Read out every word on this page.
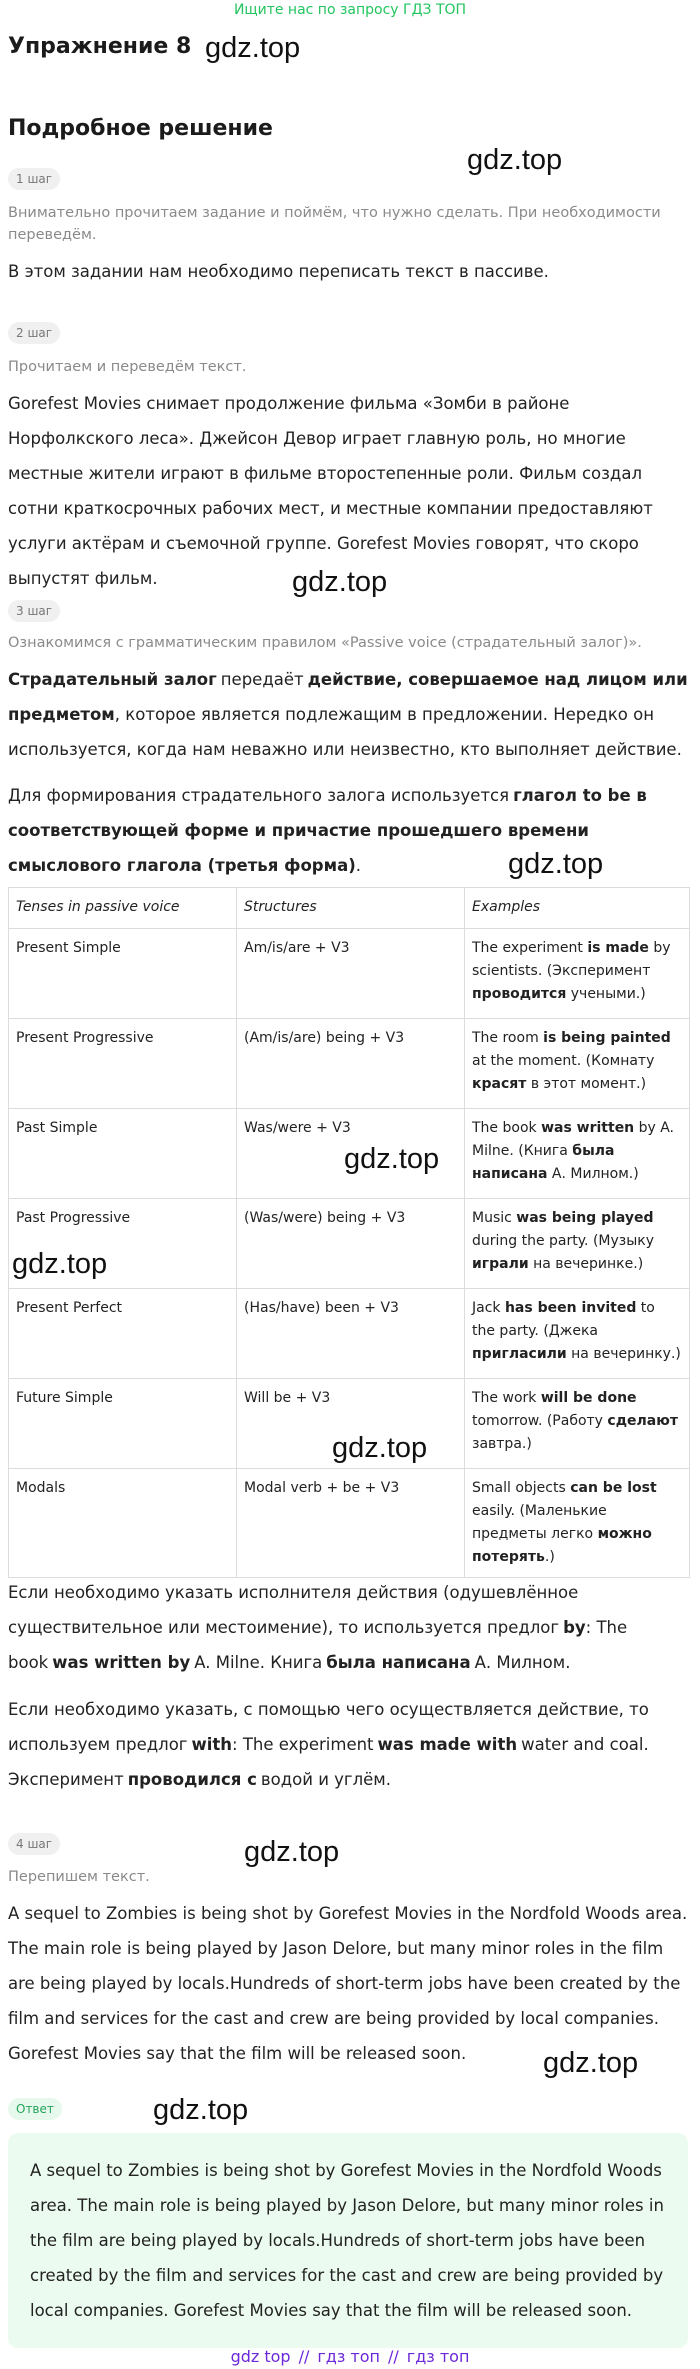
Ищите нас по запросу ГДЗ ТОП
Упражнение 8
Подробное решение
1 шаг
Внимательно прочитаем задание и поймём, что нужно сделать. При необходимости переведём.
В этом задании нам необходимо переписать текст в пассиве.
2 шаг
Прочитаем и переведём текст.
Gorefest Movies снимает продолжение фильма «Зомби в районе Норфолкского леса». Джейсон Девор играет главную роль, но многие местные жители играют в фильме второстепенные роли. Фильм создал сотни краткосрочных рабочих мест, и местные компании предоставляют услуги актёрам и съемочной группе. Gorefest Movies говорят, что скоро выпустят фильм.
3 шаг
Ознакомимся с грамматическим правилом «Passive voice (страдательный залог)».
Страдательный залог передаёт действие, совершаемое над лицом или предметом, которое является подлежащим в предложении. Нередко он используется, когда нам неважно или неизвестно, кто выполняет действие.
Для формирования страдательного залога используется глагол to be в соответствующей форме и причастие прошедшего времени смыслового глагола (третья форма).
Tenses in passive voice	Structures	Examples
Present Simple	Am/is/are + V3	The experiment is made by scientists. (Эксперимент проводится учеными.)
Present Progressive	(Am/is/are) being + V3	The room is being painted at the moment. (Комнату красят в этот момент.)
Past Simple	Was/were + V3	The book was written by A. Milne. (Книга была написана А. Милном.)
Past Progressive	(Was/were) being + V3	Music was being played during the party. (Музыку играли на вечеринке.)
Present Perfect	(Has/have) been + V3	Jack has been invited to the party. (Джека пригласили на вечеринку.)
Future Simple	Will be + V3	The work will be done tomorrow. (Работу сделают завтра.)
Modals	Modal verb + be + V3	Small objects can be lost easily. (Маленькие предметы легко можно потерять.)
Если необходимо указать исполнителя действия (одушевлённое существительное или местоимение), то используется предлог by: The book was written by A. Milne. Книга была написана А. Милном.
Если необходимо указать, с помощью чего осуществляется действие, то используем предлог with: The experiment was made with water and coal. Эксперимент проводился с водой и углём.
4 шаг
Перепишем текст.
A sequel to Zombies is being shot by Gorefest Movies in the Nordfold Woods area. The main role is being played by Jason Delore, but many minor roles in the film are being played by locals.Hundreds of short-term jobs have been created by the film and services for the cast and crew are being provided by local companies. Gorefest Movies say that the film will be released soon.
Ответ
A sequel to Zombies is being shot by Gorefest Movies in the Nordfold Woods area. The main role is being played by Jason Delore, but many minor roles in the film are being played by locals.Hundreds of short-term jobs have been created by the film and services for the cast and crew are being provided by local companies. Gorefest Movies say that the film will be released soon.
gdz.top
gdz.top
gdz.top
gdz.top
gdz.top
gdz.top
gdz.top
gdz.top
gdz.top
gdz.top
gdz top // гдз топ // гдз топ
